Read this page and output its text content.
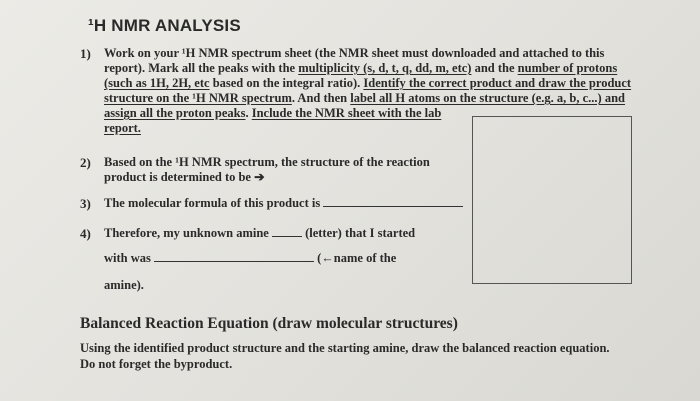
¹H NMR ANALYSIS
1) Work on your ¹H NMR spectrum sheet (the NMR sheet must downloaded and attached to this
report). Mark all the peaks with the multiplicity (s, d, t, q, dd, m, etc) and the number of protons
(such as 1H, 2H, etc based on the integral ratio). Identify the correct product and draw the product
structure on the ¹H NMR spectrum. And then label all H atoms on the structure (e.g. a, b, c...) and
assign all the proton peaks. Include the NMR sheet with the lab
report.
2) Based on the ¹H NMR spectrum, the structure of the reaction
product is determined to be ➔
3) The molecular formula of this product is
4) Therefore, my unknown amine	(letter) that I started
with was	(←name of the
amine).
Balanced Reaction Equation (draw molecular structures)
Using the identified product structure and the starting amine, draw the balanced reaction equation.
Do not forget the byproduct.
